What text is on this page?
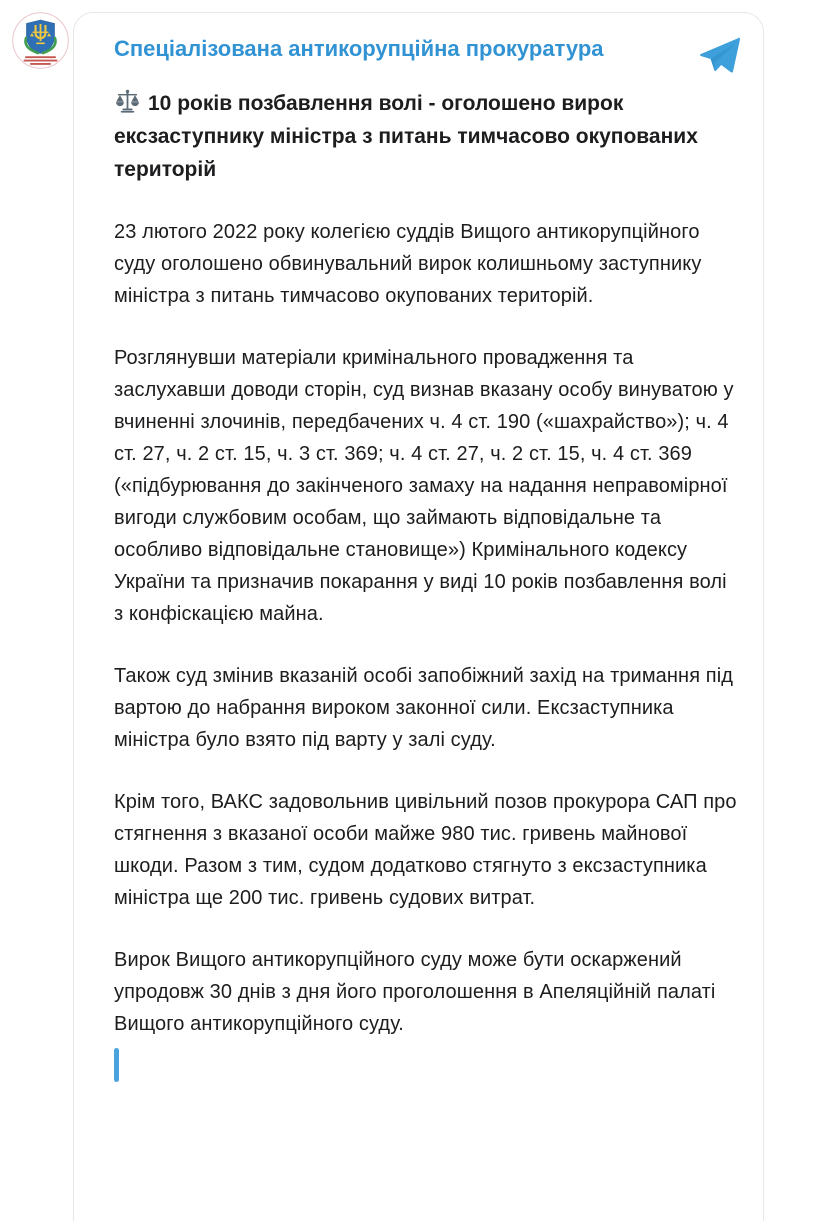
Спеціалізована антикорупційна прокуратура

10 років позбавлення волі - оголошено вирок ексзаступнику міністра з питань тимчасово окупованих територій

23 лютого 2022 року колегією суддів Вищого антикорупційного суду оголошено обвинувальний вирок колишньому заступнику міністра з питань тимчасово окупованих територій.

Розглянувши матеріали кримінального провадження та заслухавши доводи сторін, суд визнав вказану особу винуватою у вчиненні злочинів, передбачених ч. 4 ст. 190 («шахрайство»); ч. 4 ст. 27, ч. 2 ст. 15, ч. 3 ст. 369; ч. 4 ст. 27, ч. 2 ст. 15, ч. 4 ст. 369 («підбурювання до закінченого замаху на надання неправомірної вигоди службовим особам, що займають відповідальне та особливо відповідальне становище») Кримінального кодексу України та призначив покарання у виді 10 років позбавлення волі з конфіскацією майна.

Також суд змінив вказаній особі запобіжний захід на тримання під вартою до набрання вироком законної сили. Ексзаступника міністра було взято під варту у залі суду.

Крім того, ВАКС задовольнив цивільний позов прокурора САП про стягнення з вказаної особи майже 980 тис. гривень майнової шкоди. Разом з тим, судом додатково стягнуто з ексзаступника міністра ще 200 тис. гривень судових витрат.

Вирок Вищого антикорупційного суду може бути оскаржений упродовж 30 днів з дня його проголошення в Апеляційній палаті Вищого антикорупційного суду.
